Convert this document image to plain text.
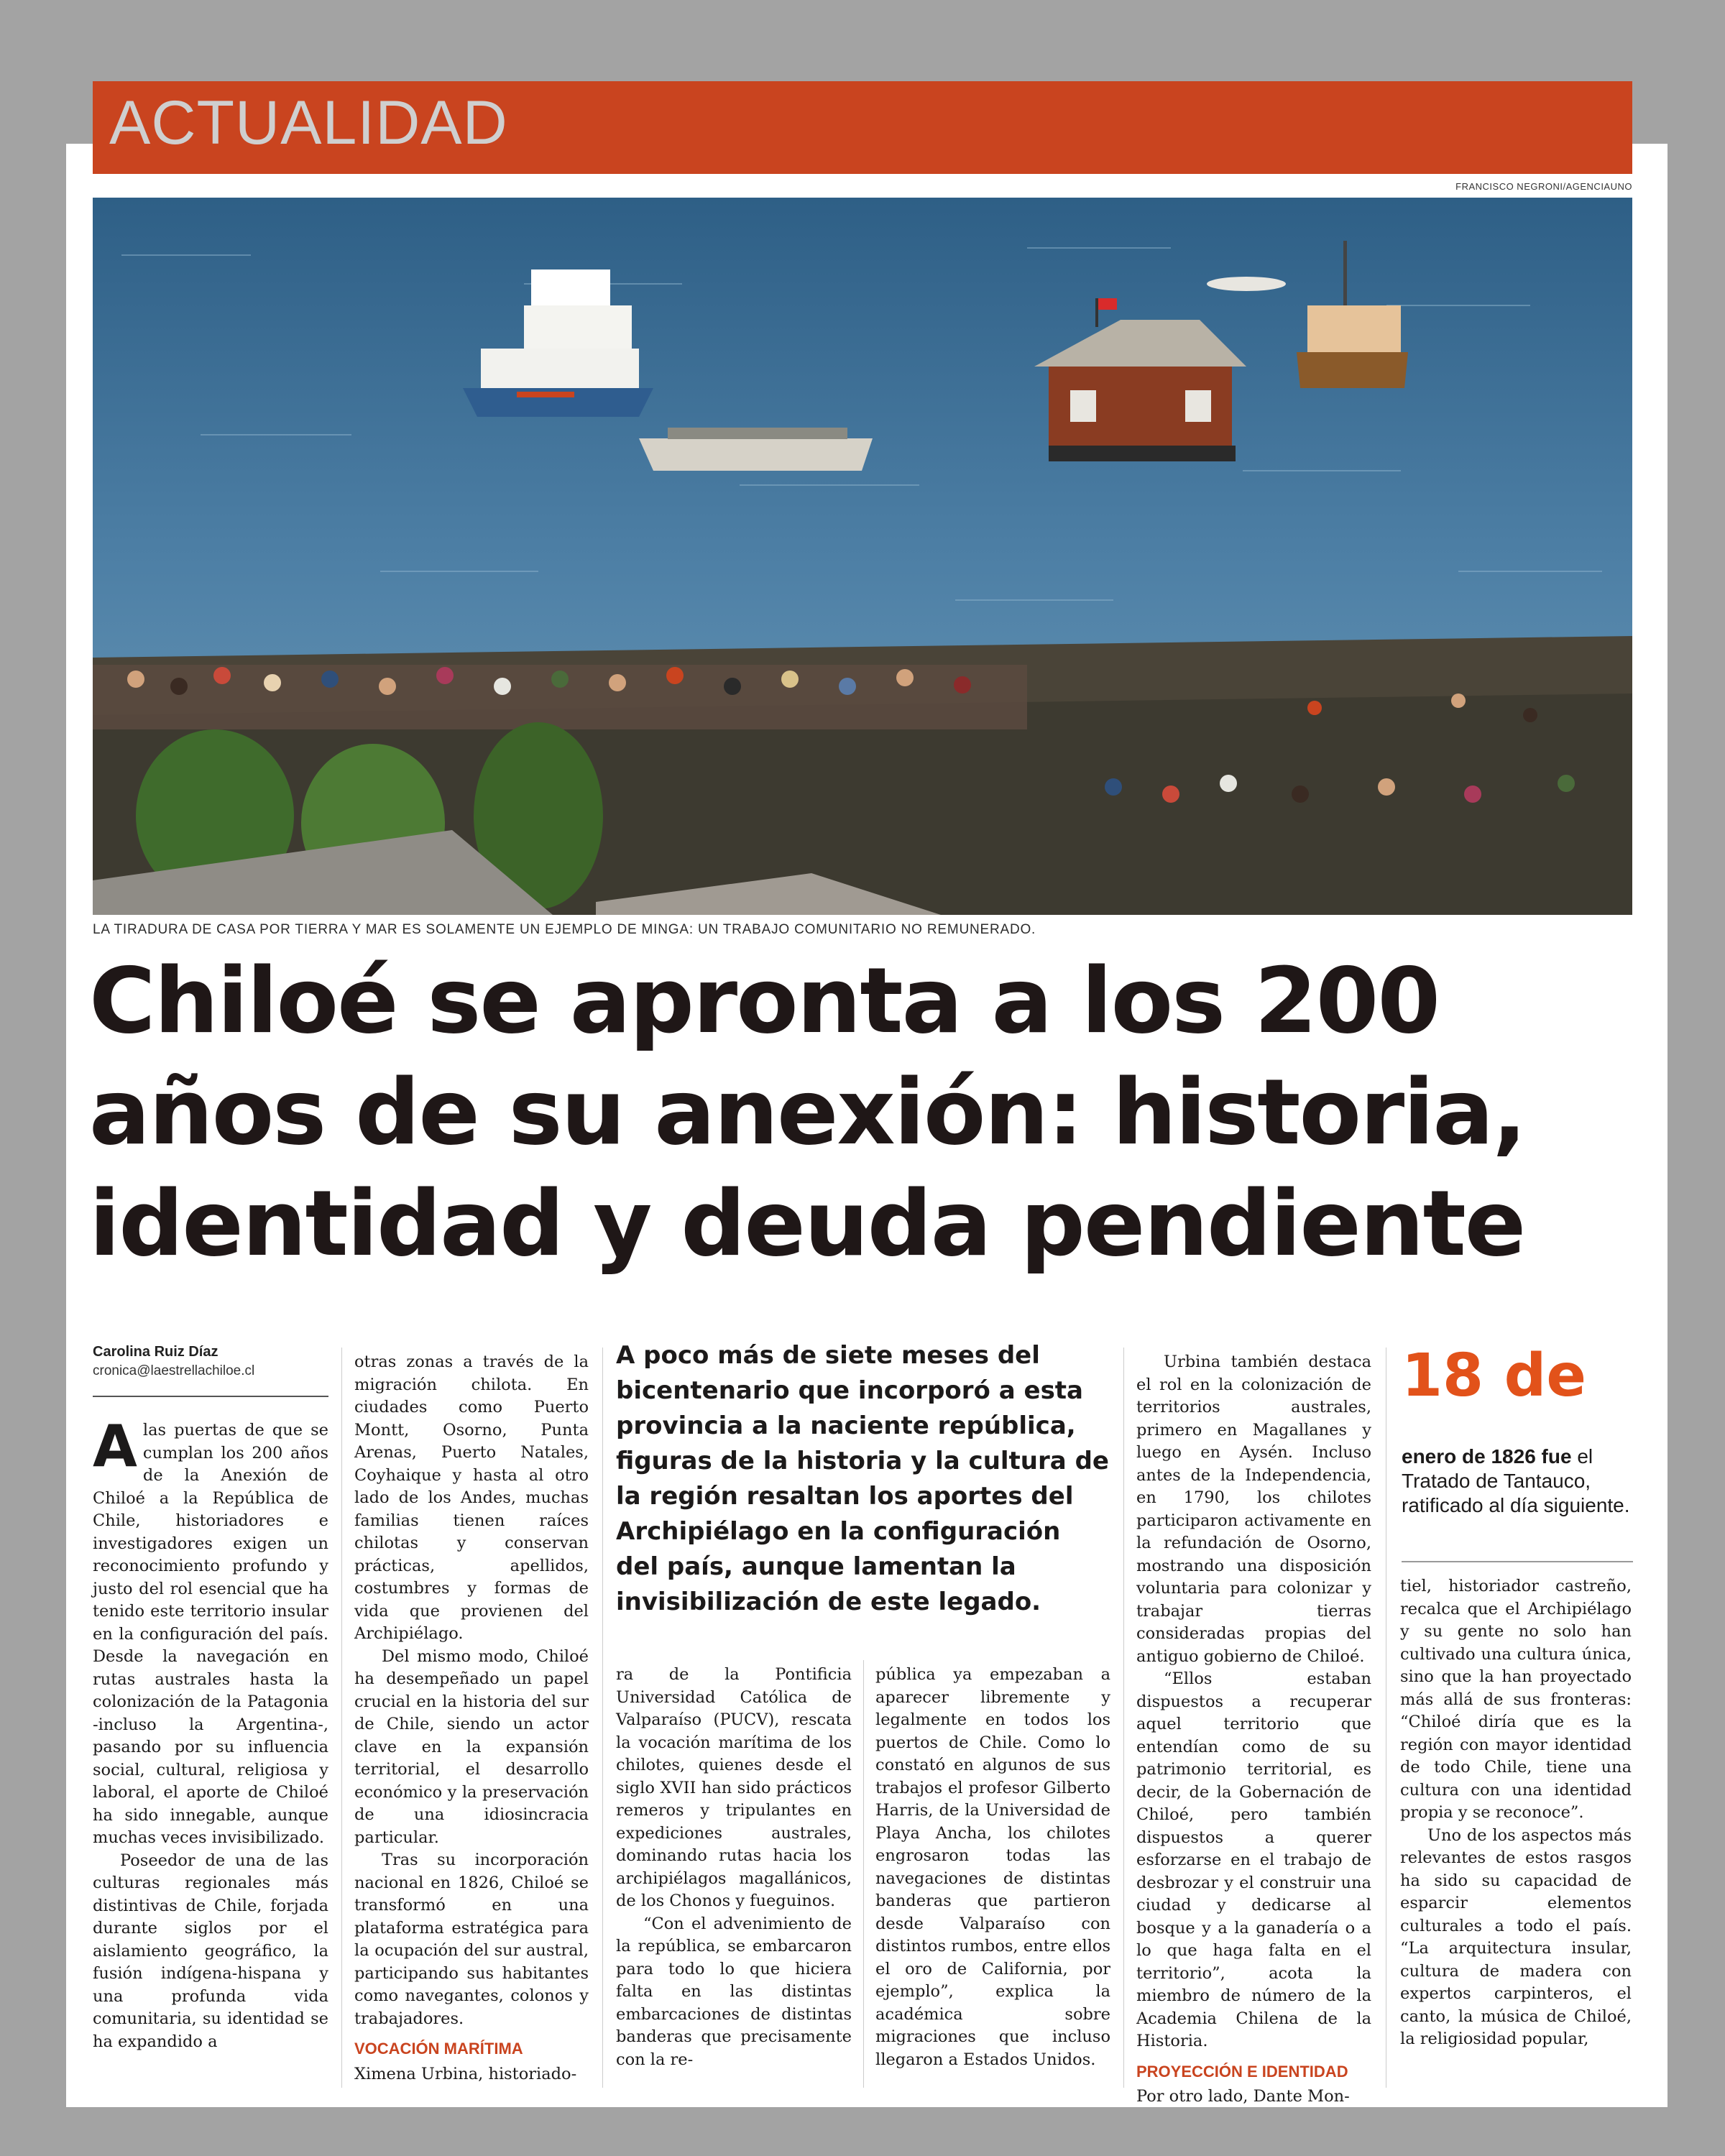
ACTUALIDAD
FRANCISCO NEGRONI/AGENCIAUNO
LA TIRADURA DE CASA POR TIERRA Y MAR ES SOLAMENTE UN EJEMPLO DE MINGA: UN TRABAJO COMUNITARIO NO REMUNERADO.
Chiloé se apronta a los 200
años de su anexión: historia,
identidad y deuda pendiente
Carolina Ruiz Díaz
cronica@laestrellachiloe.cl

Alas puertas de que se cumplan los 200 años de la Anexión de Chiloé a la República de Chile, historiadores e investigadores exigen un reconocimiento profundo y justo del rol esencial que ha tenido este territorio insular en la configuración del país. Desde la navegación en rutas australes hasta la colonización de la Patagonia -incluso la Argentina-, pasando por su influencia social, cultural, religiosa y laboral, el aporte de Chiloé ha sido innegable, aunque muchas veces invisibilizado.

Poseedor de una de las culturas regionales más distintivas de Chile, forjada durante siglos por el aislamiento geográfico, la fusión indígena-hispana y una profunda vida comunitaria, su identidad se ha expandido a

otras zonas a través de la migración chilota. En ciudades como Puerto Montt, Osorno, Punta Arenas, Puerto Natales, Coyhaique y hasta al otro lado de los Andes, muchas familias tienen raíces chilotas y conservan prácticas, apellidos, costumbres y formas de vida que provienen del Archipiélago.

Del mismo modo, Chiloé ha desempeñado un papel crucial en la historia del sur de Chile, siendo un actor clave en la expansión territorial, el desarrollo económico y la preservación de una idiosincracia particular.

Tras su incorporación nacional en 1826, Chiloé se transformó en una plataforma estratégica para la ocupación del sur austral, participando sus habitantes como navegantes, colonos y trabajadores.

VOCACIÓN MARÍTIMA

Ximena Urbina, historiado-

A poco más de siete meses del bicentenario que incorporó a esta provincia a la naciente república, figuras de la historia y la cultura de la región resaltan los aportes del Archipiélago en la configuración del país, aunque lamentan la invisibilización de este legado.

ra de la Pontificia Universidad Católica de Valparaíso (PUCV), rescata la vocación marítima de los chilotes, quienes desde el siglo XVII han sido prácticos remeros y tripulantes en expediciones australes, dominando rutas hacia los archipiélagos magallánicos, de los Chonos y fueguinos.

“Con el advenimiento de la república, se embarcaron para todo lo que hiciera falta en las distintas embarcaciones de distintas banderas que precisamente con la re-

pública ya empezaban a aparecer libremente y legalmente en todos los puertos de Chile. Como lo constató en algunos de sus trabajos el profesor Gilberto Harris, de la Universidad de Playa Ancha, los chilotes engrosaron todas las navegaciones de distintas banderas que partieron desde Valparaíso con distintos rumbos, entre ellos el oro de California, por ejemplo”, explica la académica sobre migraciones que incluso llegaron a Estados Unidos.

Urbina también destaca el rol en la colonización de territorios australes, primero en Magallanes y luego en Aysén. Incluso antes de la Independencia, en 1790, los chilotes participaron activamente en la refundación de Osorno, mostrando una disposición voluntaria para colonizar y trabajar tierras consideradas propias del antiguo gobierno de Chiloé.

“Ellos estaban dispuestos a recuperar aquel territorio que entendían como de su patrimonio territorial, es decir, de la Gobernación de Chiloé, pero también dispuestos a querer esforzarse en el trabajo de desbrozar y el construir una ciudad y dedicarse al bosque y a la ganadería o a lo que haga falta en el territorio”, acota la miembro de número de la Academia Chilena de la Historia.

PROYECCIÓN E IDENTIDAD

Por otro lado, Dante Mon-

18 de
enero de 1826 fue el Tratado de Tantauco, ratificado al día siguiente.

tiel, historiador castreño, recalca que el Archipiélago y su gente no solo han cultivado una cultura única, sino que la han proyectado más allá de sus fronteras: “Chiloé diría que es la región con mayor identidad de todo Chile, tiene una cultura con una identidad propia y se reconoce”.

Uno de los aspectos más relevantes de estos rasgos ha sido su capacidad de esparcir elementos culturales a todo el país. “La arquitectura insular, cultura de madera con expertos carpinteros, el canto, la música de Chiloé, la religiosidad popular,
